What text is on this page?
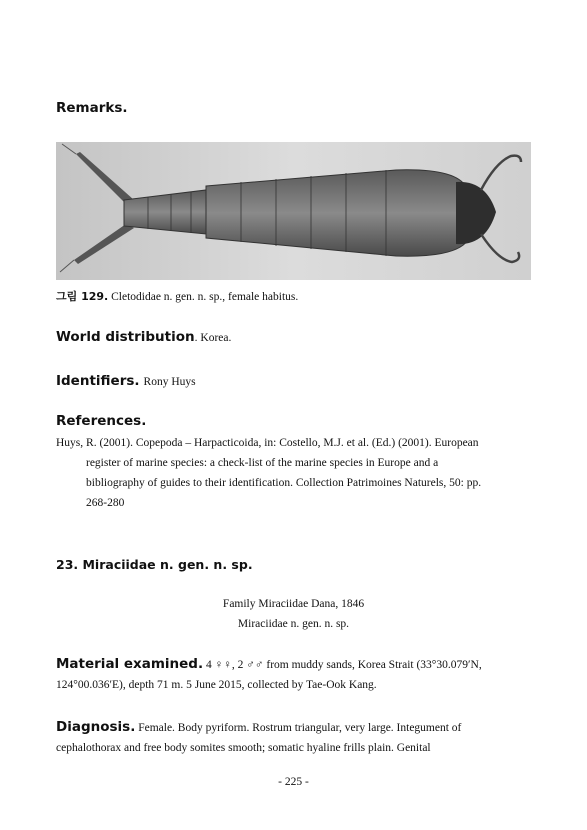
Remarks.
그림 129. Cletodidae n. gen. n. sp., female habitus.
World distribution. Korea.
Identifiers. Rony Huys
References.
Huys, R. (2001). Copepoda – Harpacticoida, in: Costello, M.J. et al. (Ed.) (2001). European
register of marine species: a check-list of the marine species in Europe and a
bibliography of guides to their identification. Collection Patrimoines Naturels, 50: pp.
268-280
23. Miraciidae n. gen. n. sp.
Family Miraciidae Dana, 1846
Miraciidae n. gen. n. sp.
Material examined. 4 ♀♀, 2 ♂♂ from muddy sands, Korea Strait (33°30.079′N,
124°00.036′E), depth 71 m. 5 June 2015, collected by Tae-Ook Kang.
Diagnosis. Female. Body pyriform. Rostrum triangular, very large. Integument of
cephalothorax and free body somites smooth; somatic hyaline frills plain. Genital
- 225 -
